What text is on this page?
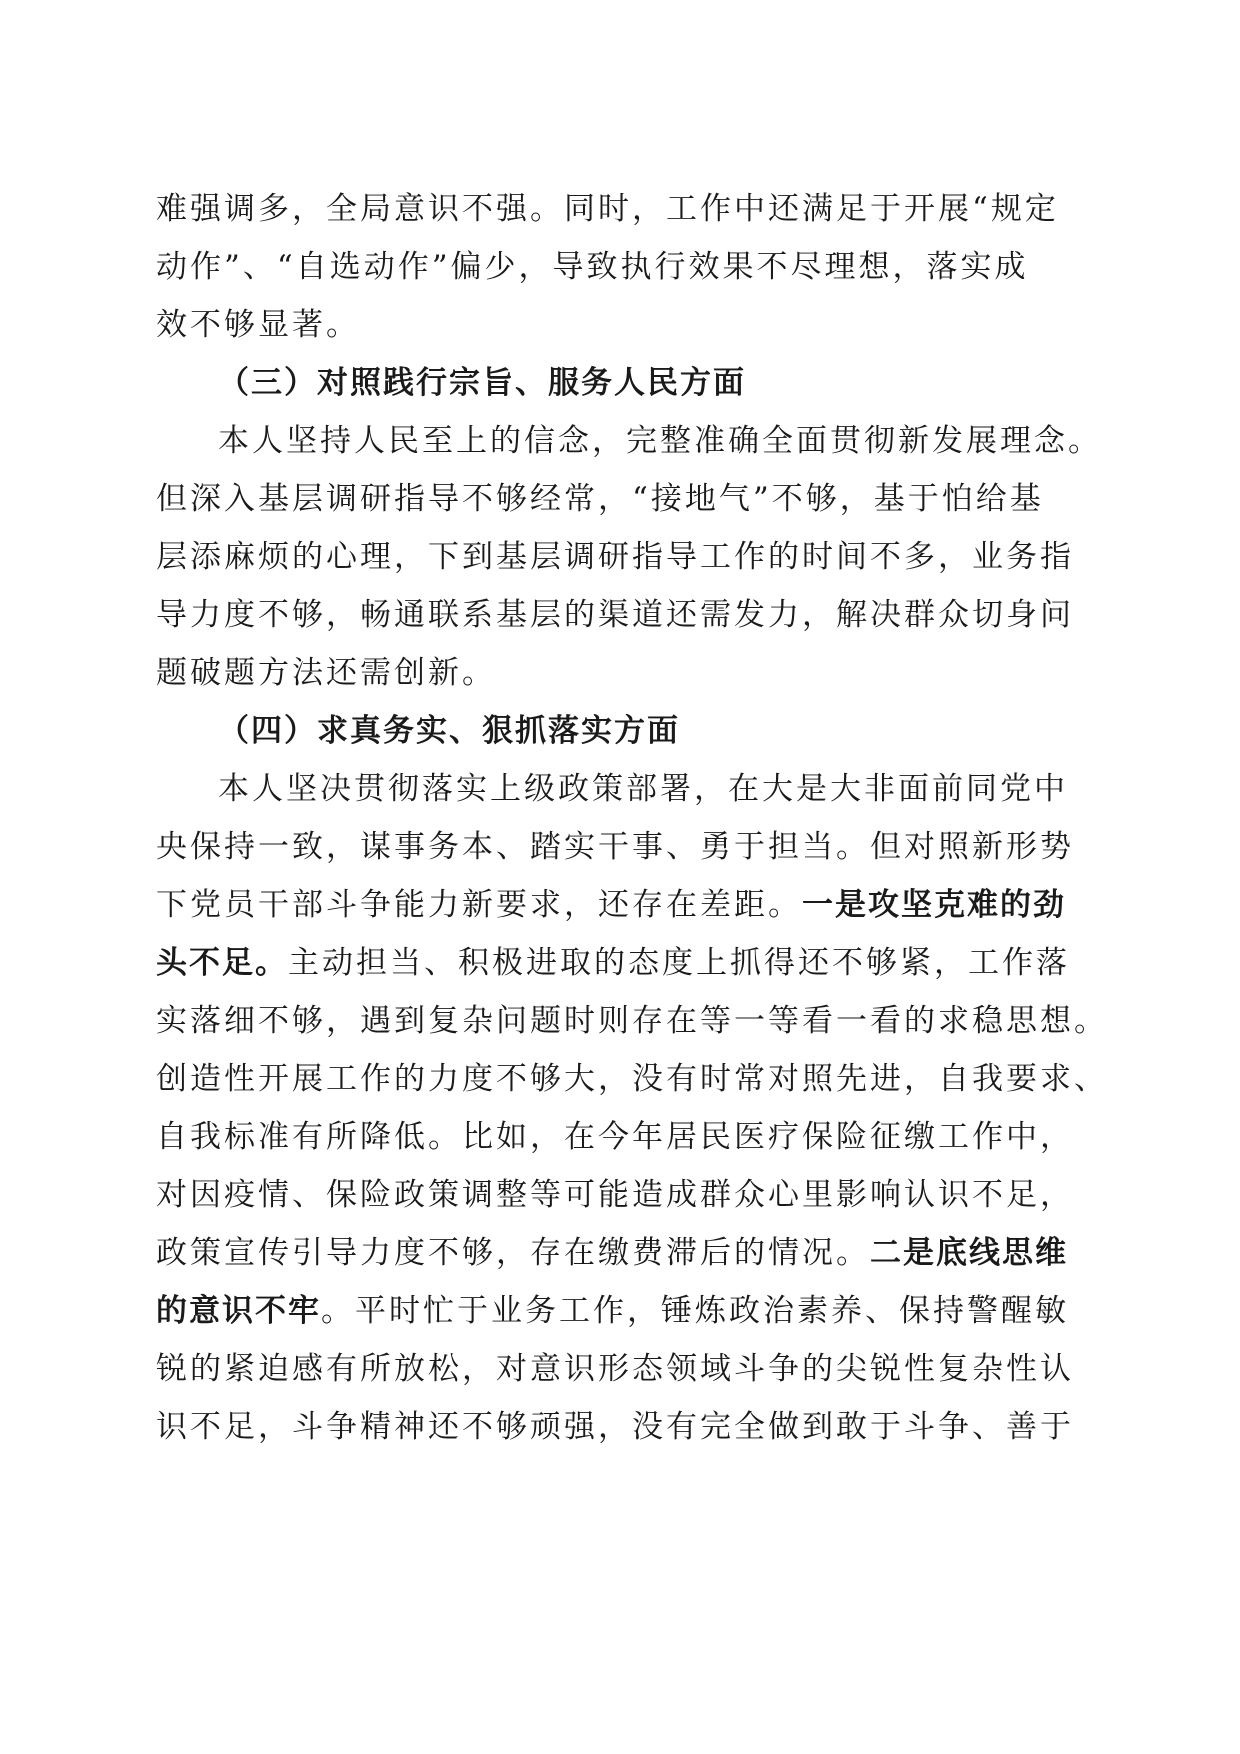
难强调多，全局意识不强。同时，工作中还满足于开展“规定

动作”、“自选动作”偏少，导致执行效果不尽理想，落实成

效不够显著。

（三）对照践行宗旨、服务人民方面

本人坚持人民至上的信念，完整准确全面贯彻新发展理念。

但深入基层调研指导不够经常，“接地气”不够，基于怕给基

层添麻烦的心理，下到基层调研指导工作的时间不多，业务指

导力度不够，畅通联系基层的渠道还需发力，解决群众切身问

题破题方法还需创新。

（四）求真务实、狠抓落实方面

本人坚决贯彻落实上级政策部署，在大是大非面前同党中

央保持一致，谋事务本、踏实干事、勇于担当。但对照新形势

下党员干部斗争能力新要求，还存在差距。一是攻坚克难的劲

头不足。主动担当、积极进取的态度上抓得还不够紧，工作落

实落细不够，遇到复杂问题时则存在等一等看一看的求稳思想。

创造性开展工作的力度不够大，没有时常对照先进，自我要求、

自我标准有所降低。比如，在今年居民医疗保险征缴工作中，

对因疫情、保险政策调整等可能造成群众心里影响认识不足，

政策宣传引导力度不够，存在缴费滞后的情况。二是底线思维

的意识不牢。平时忙于业务工作，锤炼政治素养、保持警醒敏

锐的紧迫感有所放松，对意识形态领域斗争的尖锐性复杂性认

识不足，斗争精神还不够顽强，没有完全做到敢于斗争、善于
